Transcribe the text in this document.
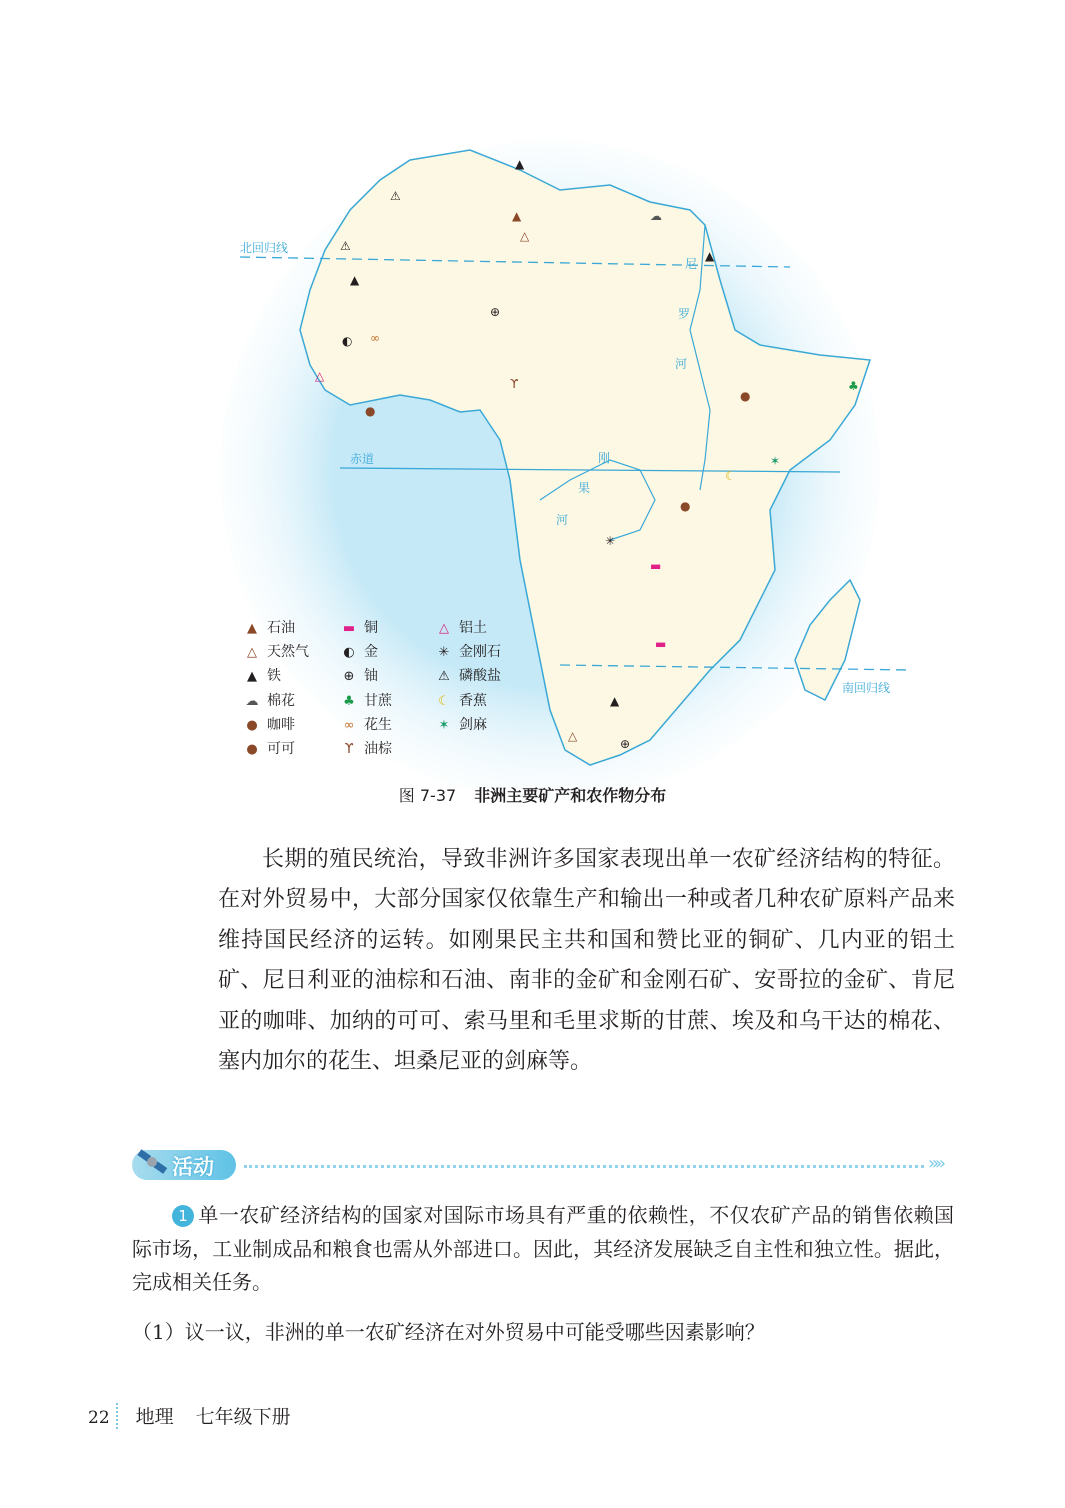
北回归线
赤道
南回归线
尼
罗
河
刚
果
河
▲
▲
△
▲
▲
⚠
⚠
⊕
◐
☁
●
●
●
☾
♣
✳
▬
▬
∞
ϒ
✶
△
▲
⊕
△
▲ 石油	▬ 铜	△ 铝土
△ 天然气	◐ 金	✳ 金刚石
▲ 铁	⊕ 铀	⚠ 磷酸盐
☁ 棉花	♣ 甘蔗	☾ 香蕉
● 咖啡	∞ 花生	✶ 剑麻
● 可可	ϒ 油棕
图 7-37 非洲主要矿产和农作物分布
长期的殖民统治，导致非洲许多国家表现出单一农矿经济结构的特征。在对外贸易中，大部分国家仅依靠生产和输出一种或者几种农矿原料产品来维持国民经济的运转。如刚果民主共和国和赞比亚的铜矿、几内亚的铝土矿、尼日利亚的油棕和石油、南非的金矿和金刚石矿、安哥拉的金矿、肯尼亚的咖啡、加纳的可可、索马里和毛里求斯的甘蔗、埃及和乌干达的棉花、塞内加尔的花生、坦桑尼亚的剑麻等。
活动	»»
1 单一农矿经济结构的国家对国际市场具有严重的依赖性，不仅农矿产品的销售依赖国际市场，工业制成品和粮食也需从外部进口。因此，其经济发展缺乏自主性和独立性。据此，完成相关任务。
（1）议一议，非洲的单一农矿经济在对外贸易中可能受哪些因素影响？
22 地理 七年级下册
